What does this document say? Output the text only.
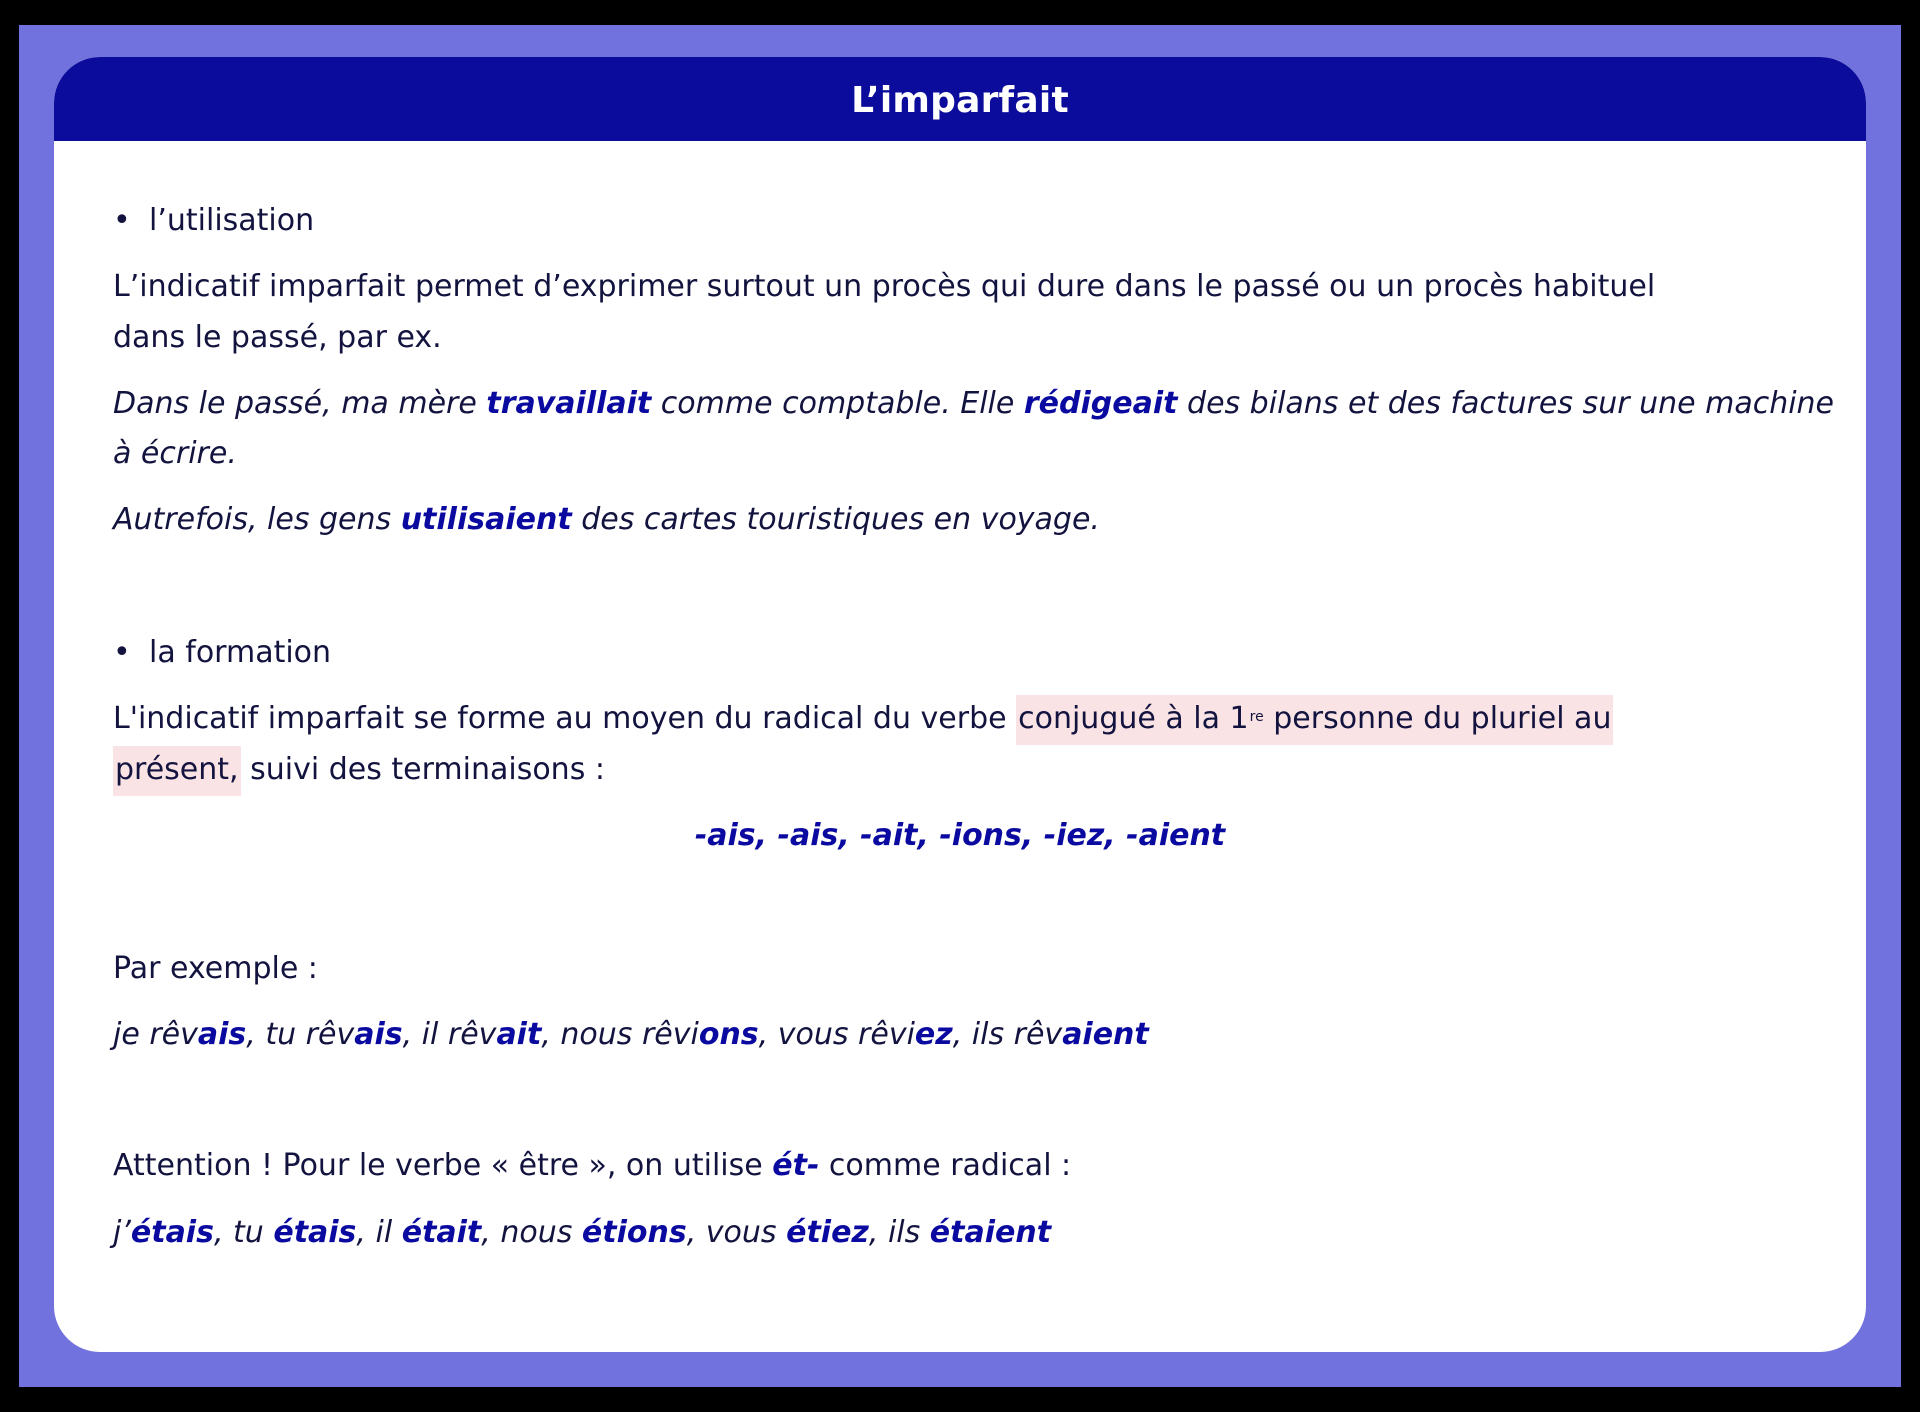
L’imparfait
• l’utilisation
L’indicatif imparfait permet d’exprimer surtout un procès qui dure dans le passé ou un procès habituel
dans le passé, par ex.
Dans le passé, ma mère travaillait comme comptable. Elle rédigeait des bilans et des factures sur une machine
à écrire.
Autrefois, les gens utilisaient des cartes touristiques en voyage.
• la formation
L'indicatif imparfait se forme au moyen du radical du verbe conjugué à la 1re personne du pluriel au
présent, suivi des terminaisons :
-ais, -ais, -ait, -ions, -iez, -aient
Par exemple :
je rêvais, tu rêvais, il rêvait, nous rêvions, vous rêviez, ils rêvaient
Attention ! Pour le verbe « être », on utilise ét- comme radical :
j’étais, tu étais, il était, nous étions, vous étiez, ils étaient
